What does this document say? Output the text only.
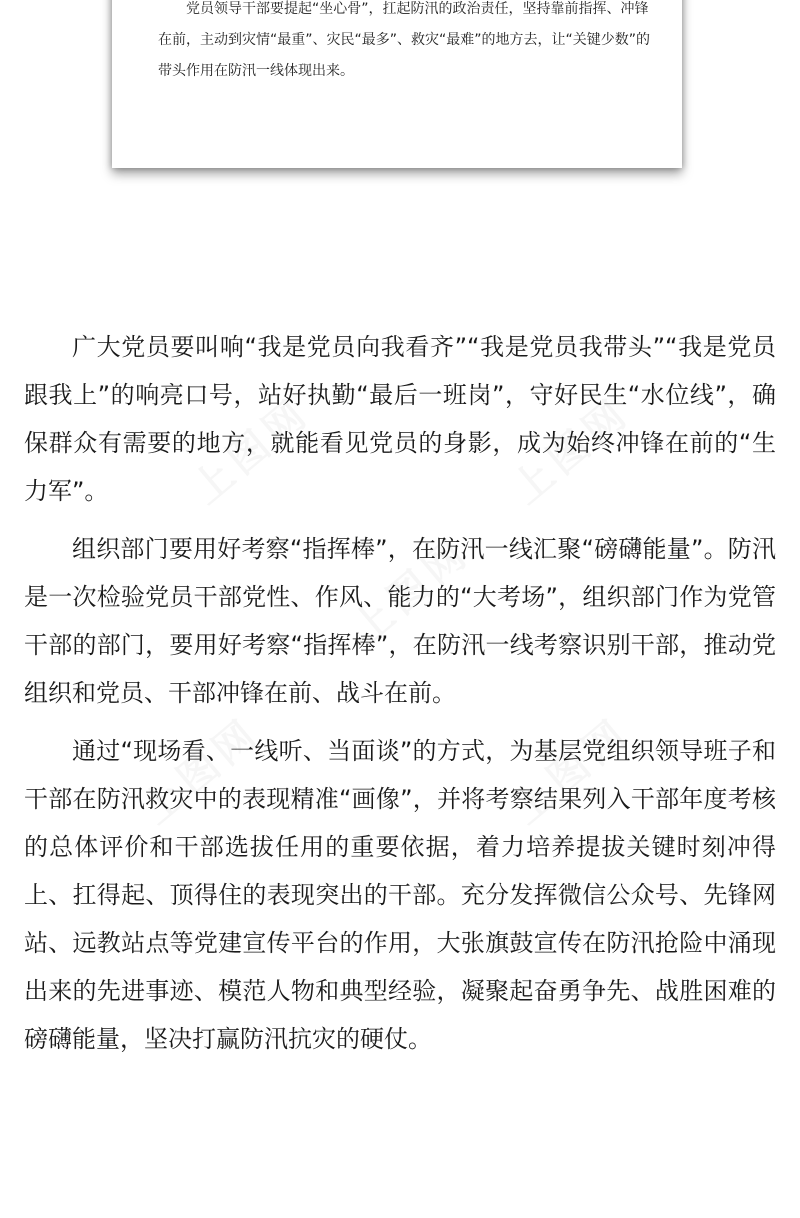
党员领导干部要提起“坐心骨”，扛起防汛的政治责任，坚持靠前指挥、冲锋在前，主动到灾情“最重”、灾民“最多”、救灾“最难”的地方去，让“关键少数”的带头作用在防汛一线体现出来。

广大党员要叫响“我是党员向我看齐”“我是党员我带头”“我是党员跟我上”的响亮口号，站好执勤“最后一班岗”，守好民生“水位线”，确保群众有需要的地方，就能看见党员的身影，成为始终冲锋在前的“生力军”。

组织部门要用好考察“指挥棒”，在防汛一线汇聚“磅礴能量”。防汛是一次检验党员干部党性、作风、能力的“大考场”，组织部门作为党管干部的部门，要用好考察“指挥棒”，在防汛一线考察识别干部，推动党组织和党员、干部冲锋在前、战斗在前。

通过“现场看、一线听、当面谈”的方式，为基层党组织领导班子和干部在防汛救灾中的表现精准“画像”，并将考察结果列入干部年度考核的总体评价和干部选拔任用的重要依据，着力培养提拔关键时刻冲得上、扛得起、顶得住的表现突出的干部。充分发挥微信公众号、先锋网站、远教站点等党建宣传平台的作用，大张旗鼓宣传在防汛抢险中涌现出来的先进事迹、模范人物和典型经验，凝聚起奋勇争先、战胜困难的磅礴能量，坚决打赢防汛抗灾的硬仗。
